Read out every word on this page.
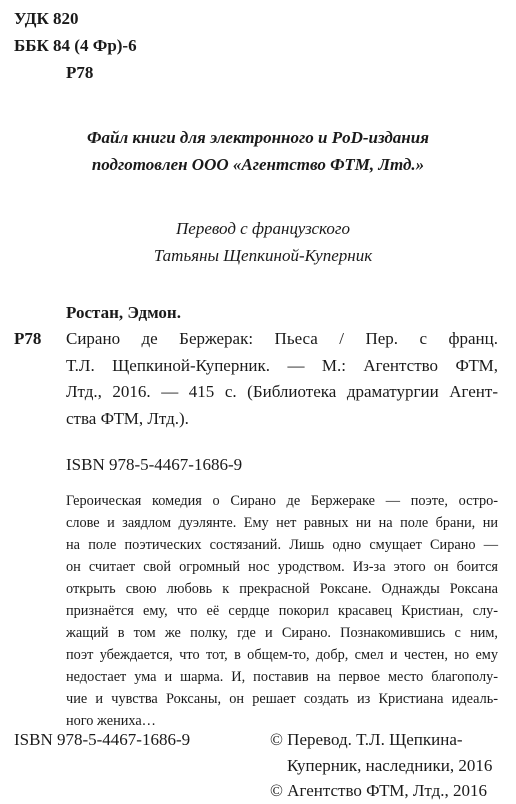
УДК 820
ББК 84 (4 Фр)-6
Р78
Файл книги для электронного и PoD-издания
подготовлен ООО «Агентство ФТМ, Лтд.»
Перевод с французского
Татьяны Щепкиной-Куперник
Ростан, Эдмон.
Р78 Сирано де Бержерак: Пьеса / Пер. с франц.
Т.Л. Щепкиной-Куперник. — М.: Агентство ФТМ,
Лтд., 2016. — 415 с. (Библиотека драматургии Агент-
ства ФТМ, Лтд.).
ISBN 978-5-4467-1686-9
Героическая комедия о Сирано де Бержераке — поэте, остро-
слове и заядлом дуэлянте. Ему нет равных ни на поле брани, ни
на поле поэтических состязаний. Лишь одно смущает Сирано —
он считает свой огромный нос уродством. Из-за этого он боится
открыть свою любовь к прекрасной Роксане. Однажды Роксана
признаётся ему, что её сердце покорил красавец Кристиан, слу-
жащий в том же полку, где и Сирано. Познакомившись с ним,
поэт убеждается, что тот, в общем-то, добр, смел и честен, но ему
недостает ума и шарма. И, поставив на первое место благополу-
чие и чувства Роксаны, он решает создать из Кристиана идеаль-
ного жениха…
ISBN 978-5-4467-1686-9	© Перевод. Т.Л. Щепкина-
Куперник, наследники, 2016
© Агентство ФТМ, Лтд., 2016
